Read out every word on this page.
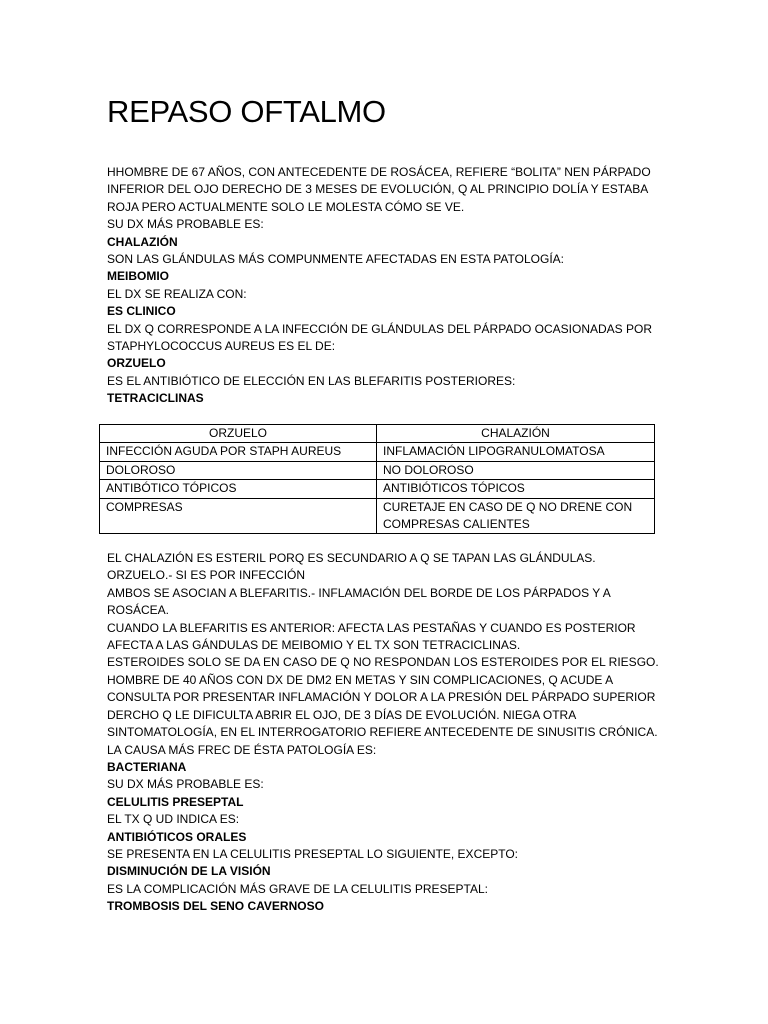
REPASO OFTALMO

HHOMBRE DE 67 AÑOS, CON ANTECEDENTE DE ROSÁCEA, REFIERE “BOLITA” NEN PÁRPADO INFERIOR DEL OJO DERECHO DE 3 MESES DE EVOLUCIÓN, Q AL PRINCIPIO DOLÍA Y ESTABA ROJA PERO ACTUALMENTE SOLO LE MOLESTA CÓMO SE VE.

SU DX MÁS PROBABLE ES:

CHALAZIÓN

SON LAS GLÁNDULAS MÁS COMPUNMENTE AFECTADAS EN ESTA PATOLOGÍA:

MEIBOMIO

EL DX SE REALIZA CON:

ES CLINICO

EL DX Q CORRESPONDE A LA INFECCIÓN DE GLÁNDULAS DEL PÁRPADO OCASIONADAS POR STAPHYLOCOCCUS AUREUS ES EL DE:

ORZUELO

ES EL ANTIBIÓTICO DE ELECCIÓN EN LAS BLEFARITIS POSTERIORES:

TETRACICLINAS

ORZUELO	CHALAZIÓN
INFECCIÓN AGUDA POR STAPH AUREUS	INFLAMACIÓN LIPOGRANULOMATOSA
DOLOROSO	NO DOLOROSO
ANTIBÓTICO TÓPICOS	ANTIBIÓTICOS TÓPICOS
COMPRESAS	CURETAJE EN CASO DE Q NO DRENE CON COMPRESAS CALIENTES

EL CHALAZIÓN ES ESTERIL PORQ ES SECUNDARIO A Q SE TAPAN LAS GLÁNDULAS.

ORZUELO.- SI ES POR INFECCIÓN

AMBOS SE ASOCIAN A BLEFARITIS.- INFLAMACIÓN DEL BORDE DE LOS PÁRPADOS Y A ROSÁCEA.

CUANDO LA BLEFARITIS ES ANTERIOR: AFECTA LAS PESTAÑAS Y CUANDO ES POSTERIOR AFECTA A LAS GÁNDULAS DE MEIBOMIO Y EL TX SON TETRACICLINAS.

ESTEROIDES SOLO SE DA EN CASO DE Q NO RESPONDAN LOS ESTEROIDES POR EL RIESGO.

HOMBRE DE 40 AÑOS CON DX DE DM2 EN METAS Y SIN COMPLICACIONES, Q ACUDE A CONSULTA POR PRESENTAR INFLAMACIÓN Y DOLOR A LA PRESIÓN DEL PÁRPADO SUPERIOR DERCHO Q LE DIFICULTA ABRIR EL OJO, DE 3 DÍAS DE EVOLUCIÓN. NIEGA OTRA SINTOMATOLOGÍA, EN EL INTERROGATORIO REFIERE ANTECEDENTE DE SINUSITIS CRÓNICA.

LA CAUSA MÁS FREC DE ÉSTA PATOLOGÍA ES:

BACTERIANA

SU DX MÁS PROBABLE ES:

CELULITIS PRESEPTAL

EL TX Q UD INDICA ES:

ANTIBIÓTICOS ORALES

SE PRESENTA EN LA CELULITIS PRESEPTAL LO SIGUIENTE, EXCEPTO:

DISMINUCIÓN DE LA VISIÓN

ES LA COMPLICACIÓN MÁS GRAVE DE LA CELULITIS PRESEPTAL:

TROMBOSIS DEL SENO CAVERNOSO
